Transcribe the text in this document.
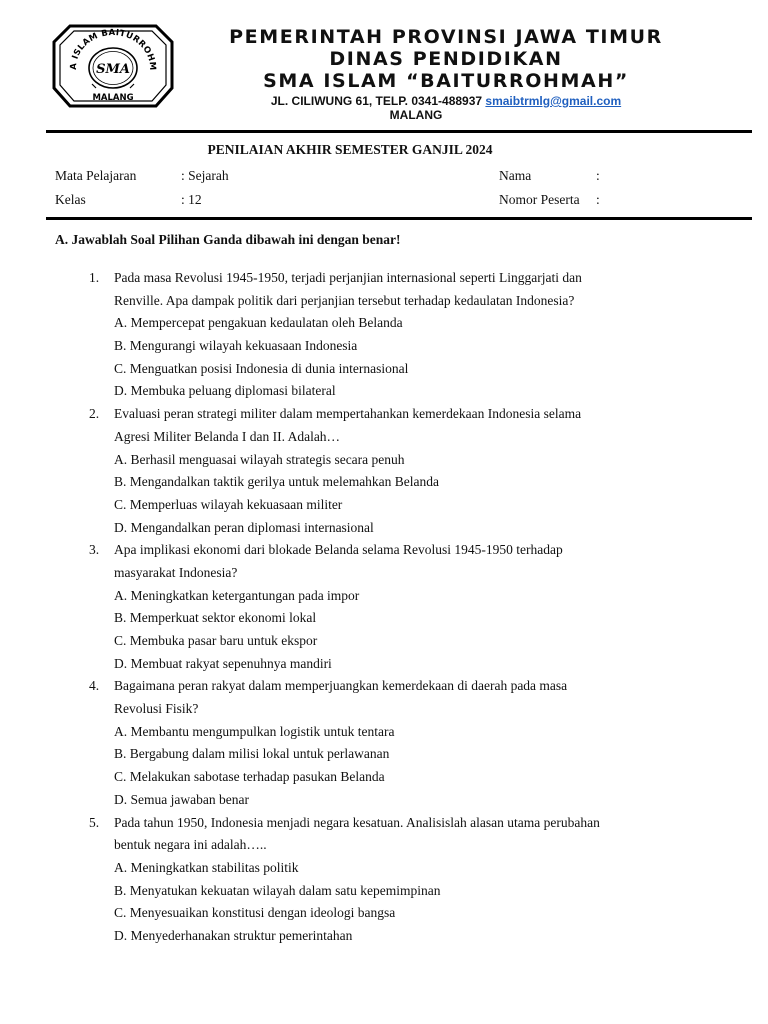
A ISLAM BAITURROHM
SMA
MALANG
PEMERINTAH PROVINSI JAWA TIMUR
DINAS PENDIDIKAN
SMA ISLAM “BAITURROHMAH”
JL. CILIWUNG 61, TELP. 0341-488937 smaibtrmlg@gmail.com
MALANG
PENILAIAN AKHIR SEMESTER GANJIL 2024
Mata Pelajaran	: Sejarah
Kelas	: 12
Nama	:
Nomor Peserta :
A. Jawablah Soal Pilihan Ganda dibawah ini dengan benar!
1. Pada masa Revolusi 1945-1950, terjadi perjanjian internasional seperti Linggarjati dan
Renville. Apa dampak politik dari perjanjian tersebut terhadap kedaulatan Indonesia?
A. Mempercepat pengakuan kedaulatan oleh Belanda
B. Mengurangi wilayah kekuasaan Indonesia
C. Menguatkan posisi Indonesia di dunia internasional
D. Membuka peluang diplomasi bilateral
2. Evaluasi peran strategi militer dalam mempertahankan kemerdekaan Indonesia selama
Agresi Militer Belanda I dan II. Adalah…
A. Berhasil menguasai wilayah strategis secara penuh
B. Mengandalkan taktik gerilya untuk melemahkan Belanda
C. Memperluas wilayah kekuasaan militer
D. Mengandalkan peran diplomasi internasional
3. Apa implikasi ekonomi dari blokade Belanda selama Revolusi 1945-1950 terhadap
masyarakat Indonesia?
A. Meningkatkan ketergantungan pada impor
B. Memperkuat sektor ekonomi lokal
C. Membuka pasar baru untuk ekspor
D. Membuat rakyat sepenuhnya mandiri
4. Bagaimana peran rakyat dalam memperjuangkan kemerdekaan di daerah pada masa
Revolusi Fisik?
A. Membantu mengumpulkan logistik untuk tentara
B. Bergabung dalam milisi lokal untuk perlawanan
C. Melakukan sabotase terhadap pasukan Belanda
D. Semua jawaban benar
5. Pada tahun 1950, Indonesia menjadi negara kesatuan. Analisislah alasan utama perubahan
bentuk negara ini adalah…..
A. Meningkatkan stabilitas politik
B. Menyatukan kekuatan wilayah dalam satu kepemimpinan
C. Menyesuaikan konstitusi dengan ideologi bangsa
D. Menyederhanakan struktur pemerintahan
